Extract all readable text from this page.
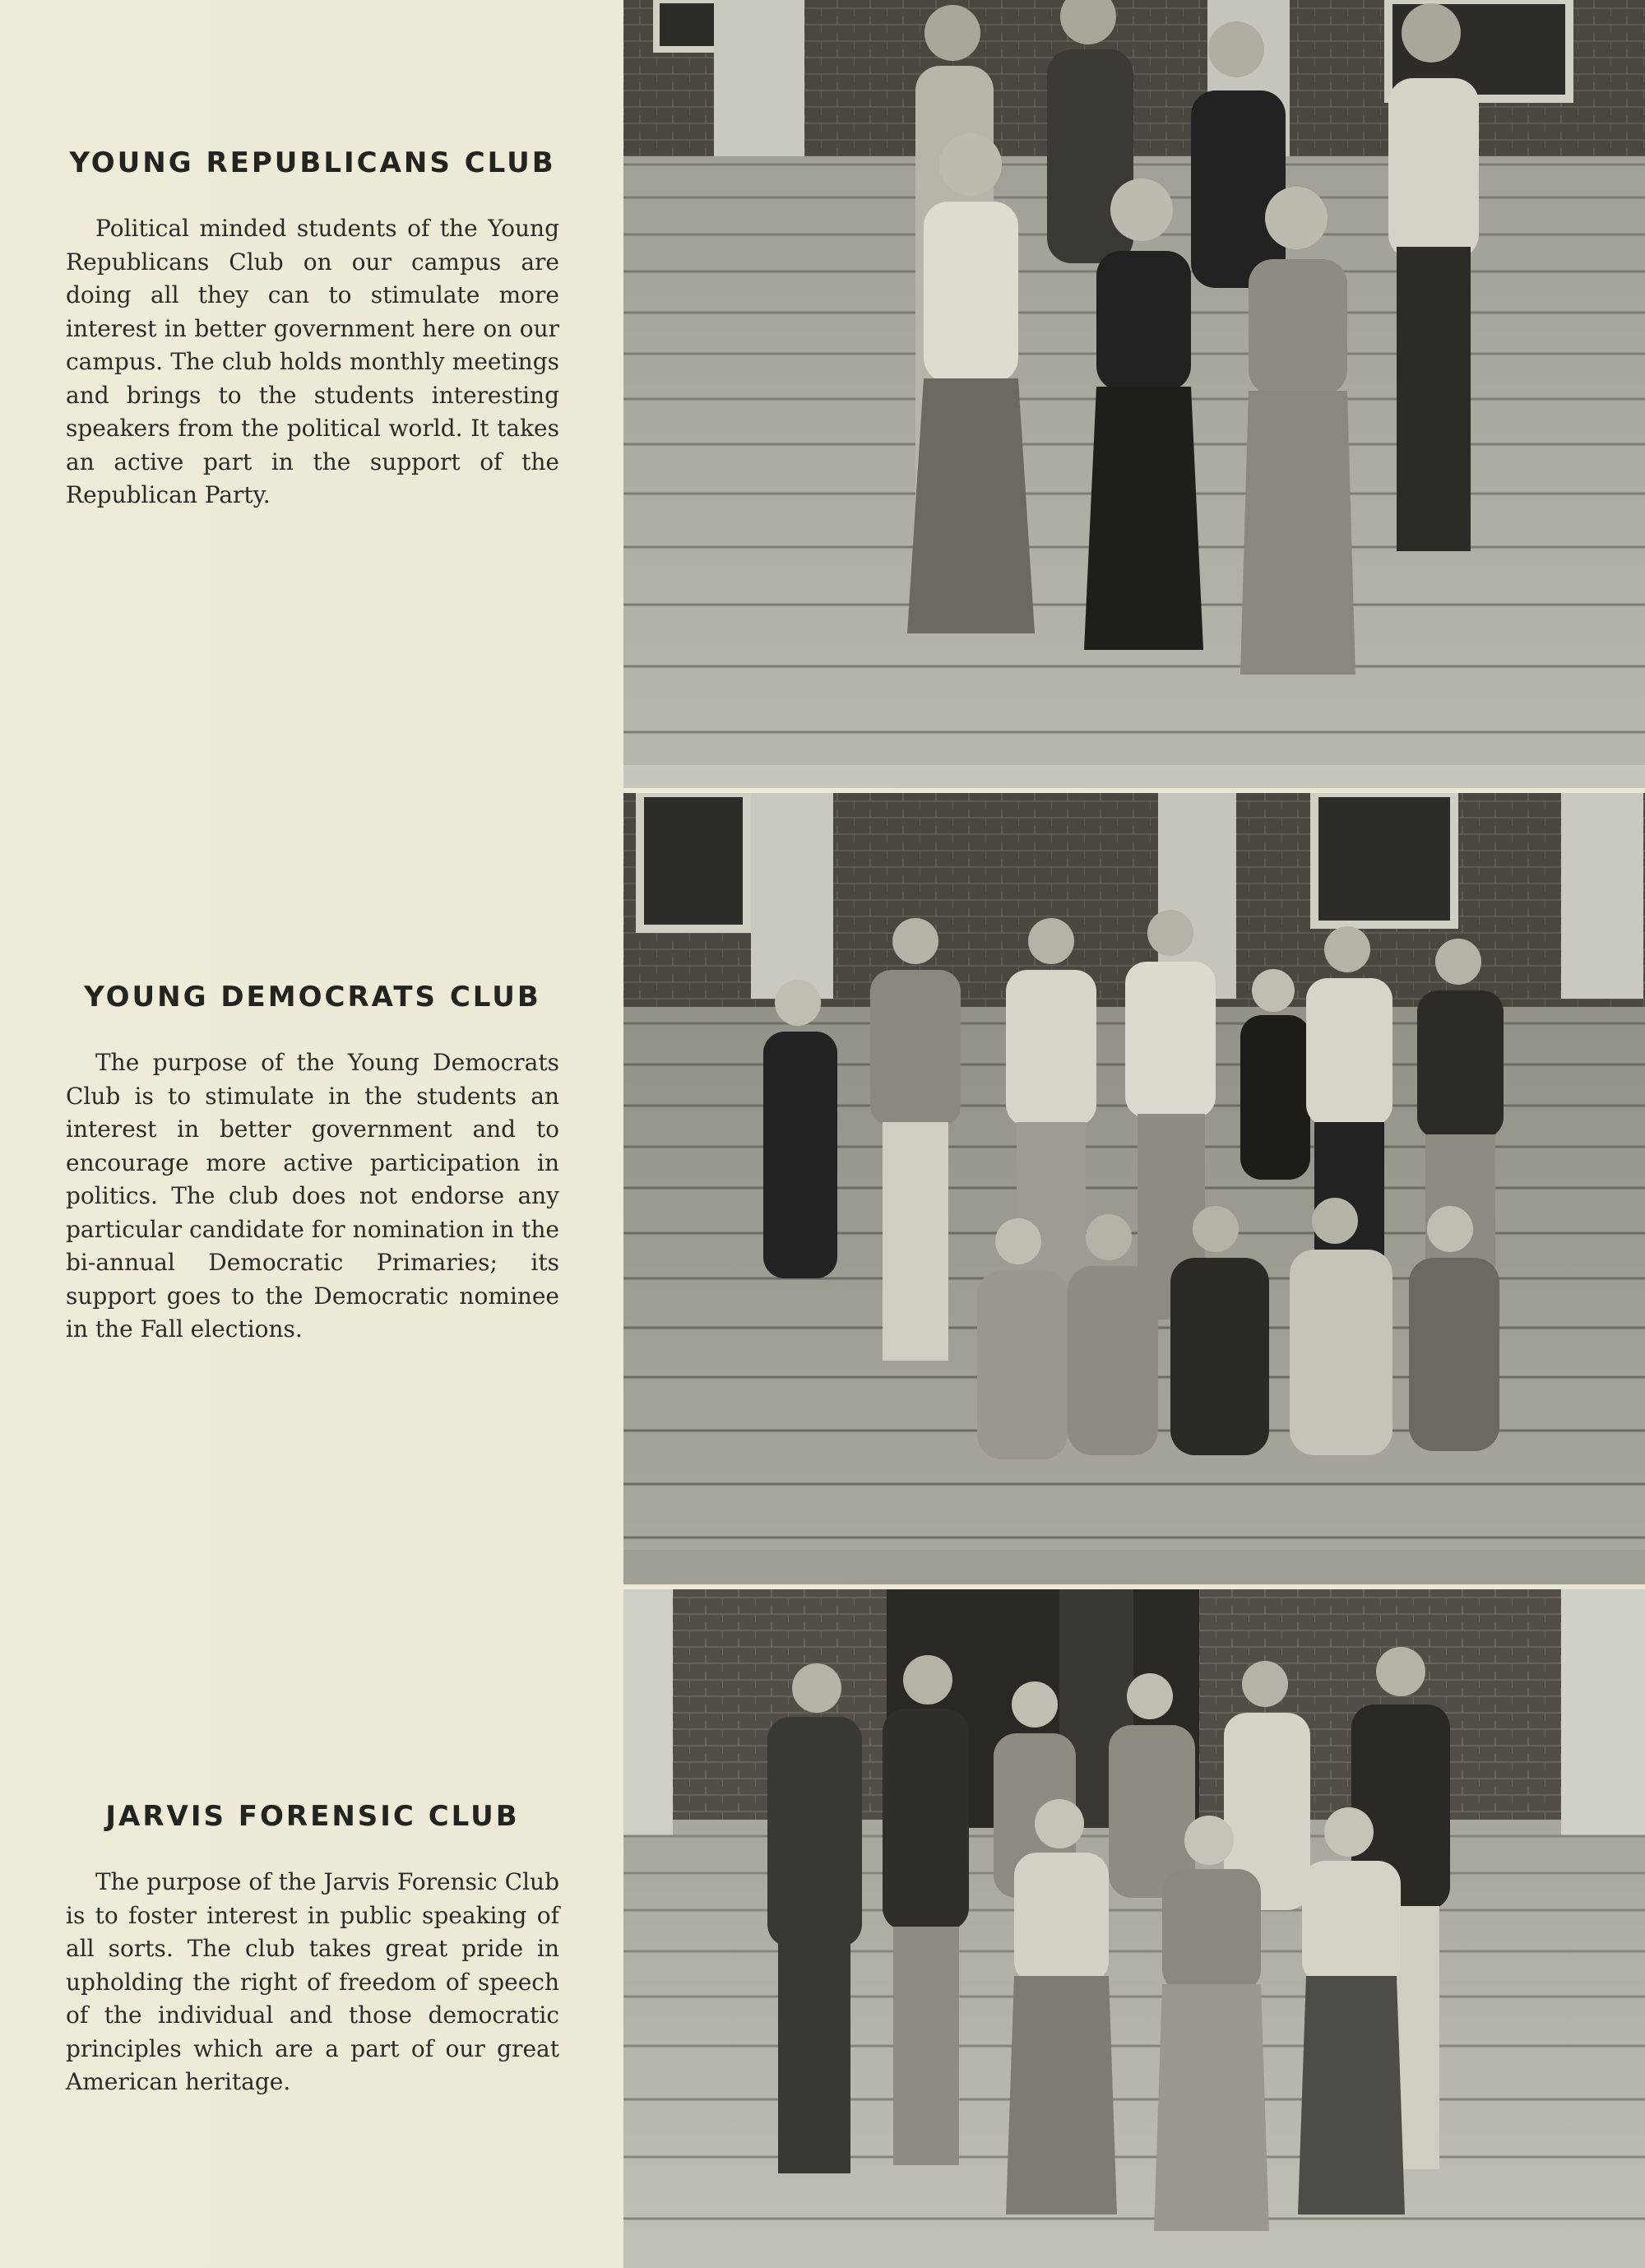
YOUNG REPUBLICANS CLUB

Political minded students of the Young Republicans Club on our campus are doing all they can to stimulate more interest in better government here on our campus. The club holds monthly meetings and brings to the students interesting speakers from the political world. It takes an active part in the support of the Republican Party.

YOUNG DEMOCRATS CLUB

The purpose of the Young Democrats Club is to stimulate in the students an interest in better government and to encourage more active participation in politics. The club does not endorse any particular candidate for nomination in the bi-annual Democratic Primaries; its support goes to the Democratic nominee in the Fall elections.

JARVIS FORENSIC CLUB

The purpose of the Jarvis Forensic Club is to foster interest in public speaking of all sorts. The club takes great pride in upholding the right of freedom of speech of the individual and those democratic principles which are a part of our great American heritage.
